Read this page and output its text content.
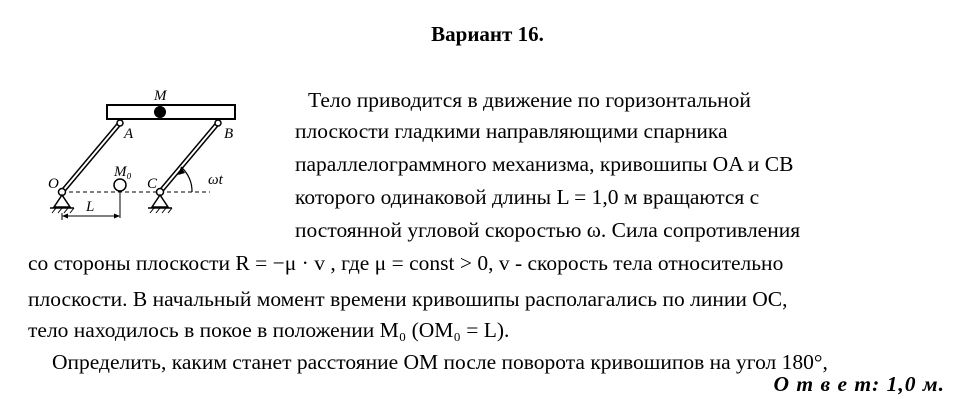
Вариант 16.
M
A	B
O	C
M₀	ωt
L
Тело приводится в движение по горизонтальной
плоскости гладкими направляющими спарника
параллелограммного механизма, кривошипы OA и CB
которого одинаковой длины L = 1,0 м вращаются с
постоянной угловой скоростью ω. Сила сопротивления
со стороны плоскости R = −μ · v , где μ = const > 0, v - скорость тела относительно
плоскости. В начальный момент времени кривошипы располагались по линии OC,
тело находилось в покое в положении M₀ (OM₀ = L).
Определить, каким станет расстояние OM после поворота кривошипов на угол 180°,
О т в е т: 1,0 м.
